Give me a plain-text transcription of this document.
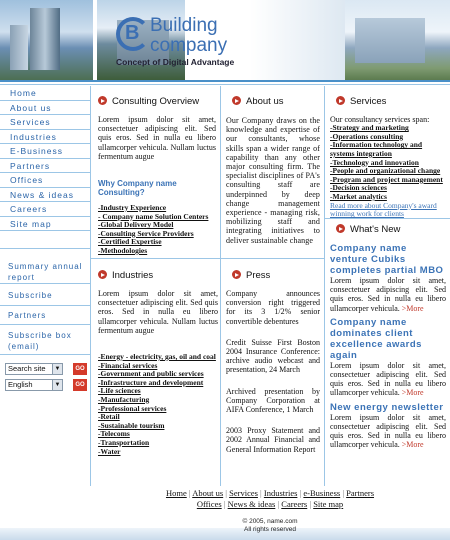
B Building
company
Concept of Digital Advantage
Home
About us
Services
Industries
E-Business
Partners
Offices
News & ideas
Careers
Site map
Summary annual report
Subscribe
Partners
Subscribe box (email)
Search site	▼	GO
English	▼	GO
Consulting Overview

Lorem ipsum dolor sit amet, consectetuer adipiscing elit. Sed quis eros. Sed in nulla eu libero ullamcorper vehicula. Nullam luctus fermentum augue

Why Company name Consulting?
-Industry Experience
- Company name Solution Centers
-Global Delivery Model
-Consulting Service Providers
-Certified Expertise
-Methodologies
About us

Our Company draws on the knowledge and expertise of our consultants, whose skills span a wider range of capability than any other major consulting firm. The specialist disciplines of PA's consulting staff are underpinned by deep change management experience - managing risk, mobilizing staff and integrating initiatives to deliver sustainable change

Services
Our consultancy services span:
-Strategy and marketing
-Operations consulting
-Information technology and systems integration
-Technology and innovation
-People and organizational change
-Program and project management
-Decision sciences
-Market analytics
Read more about Company's award winning work for clients
What's New
Company name venture Cubiks completes partial MBO

Lorem ipsum dolor sit amet, consectetuer adipiscing elit. Sed quis eros. Sed in nulla eu libero ullamcorper vehicula. >More

Company name dominates client excellence awards again

Lorem ipsum dolor sit amet, consectetuer adipiscing elit. Sed quis eros. Sed in nulla eu libero ullamcorper vehicula. >More

New energy newsletter

Lorem ipsum dolor sit amet, consectetuer adipiscing elit. Sed quis eros. Sed in nulla eu libero ullamcorper vehicula. >More

Industries

Lorem ipsum dolor sit amet, consectetuer adipiscing elit. Sed quis eros. Sed in nulla eu libero ullamcorper vehicula. Nullam luctus fermentum augue

-Energy - electricity, gas, oil and coal
-Financial services
-Government and public services
-Infrastructure and development
-Life sciences
-Manufacturing
-Professional services
-Retail
-Sustainable tourism
-Telecoms
-Transportation
-Water
Press

Company announces conversion right triggered for its 3 1/2% senior convertible debentures

Credit Suisse First Boston 2004 Insurance Conference: archive audio webcast and presentation, 24 March

Archived presentation by Company Corporation at AIFA Conference, 1 March

2003 Proxy Statement and 2002 Annual Financial and General Information Report

Home | About us | Services | Industries | e-Business | Partners
Offices | News & ideas | Careers | Site map
© 2005, name.com
All rights reserved
